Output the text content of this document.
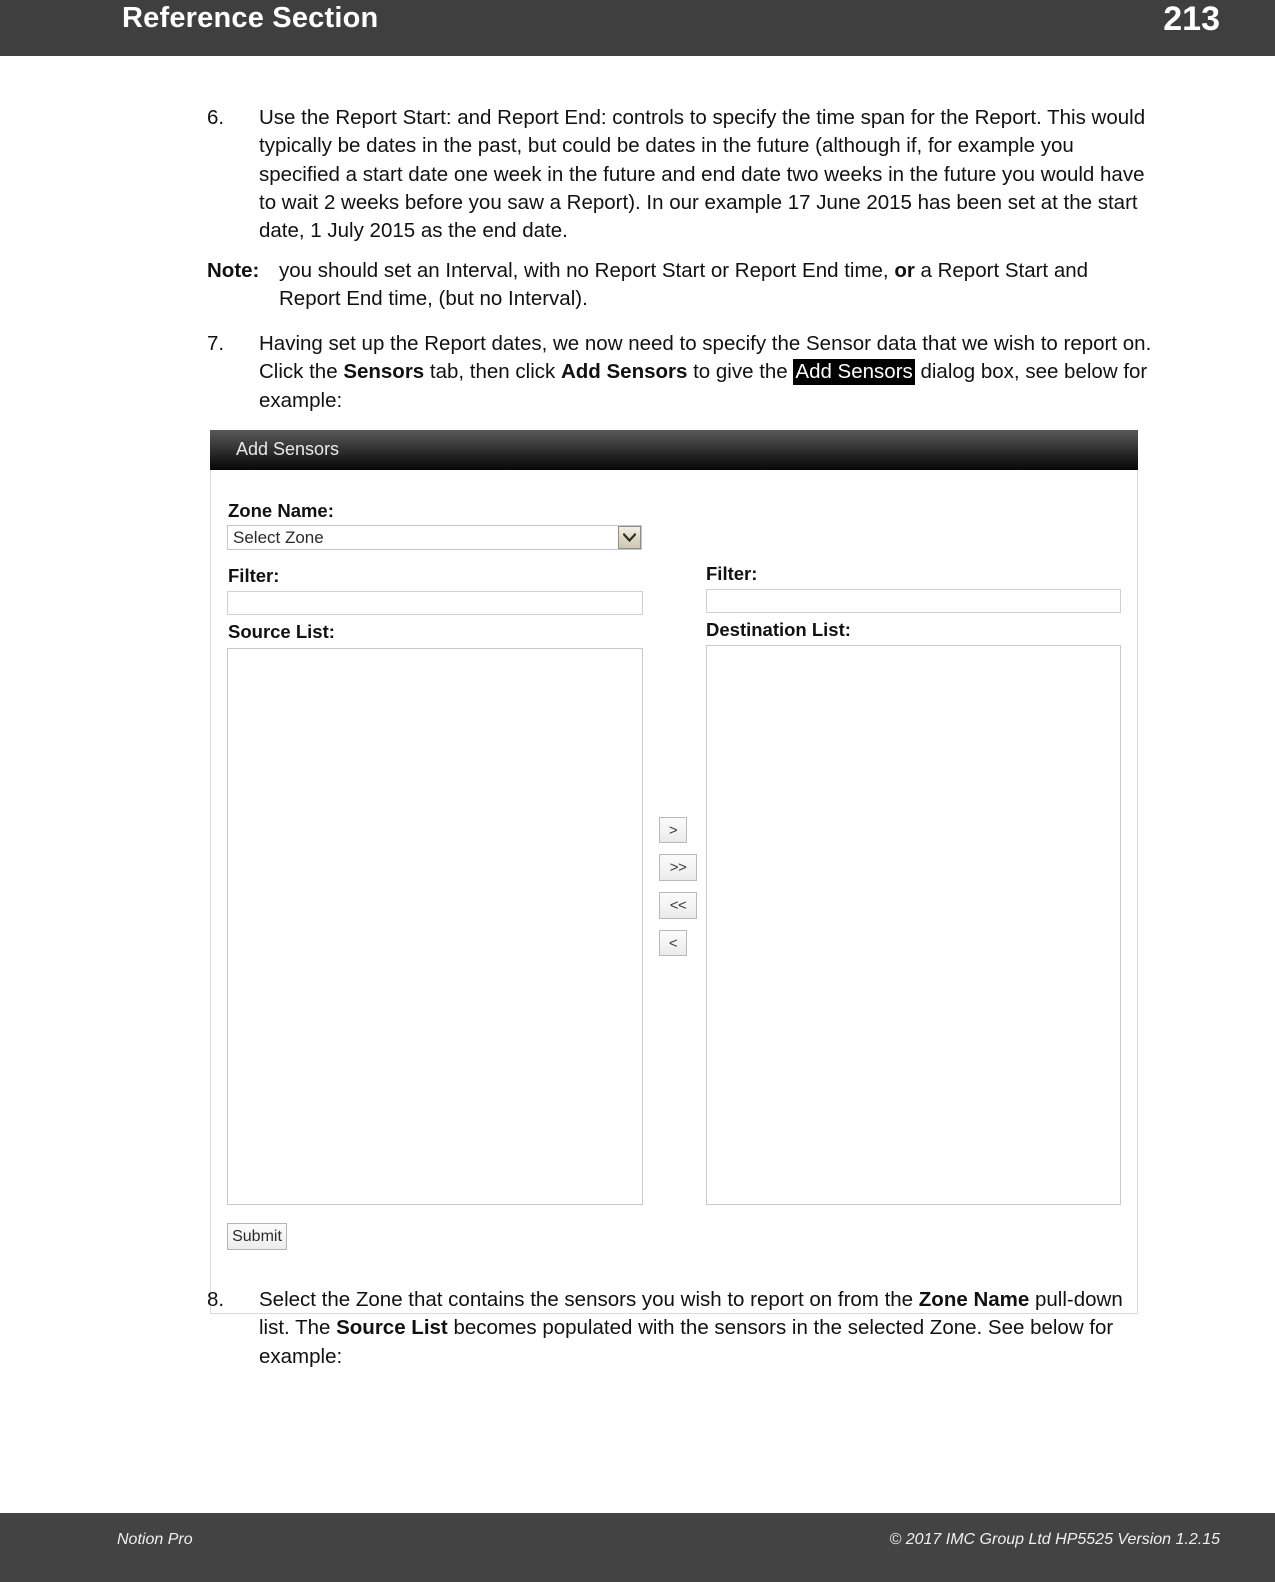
Reference Section	213
6.	Use the Report Start: and Report End: controls to specify the time span for the Report. This would typically be dates in the past, but could be dates in the future (although if, for example you specified a start date one week in the future and end date two weeks in the future you would have to wait 2 weeks before you saw a Report). In our example 17 June 2015 has been set at the start date, 1 July 2015 as the end date.
Note: you should set an Interval, with no Report Start or Report End time, or a Report Start and Report End time, (but no Interval).
7.	Having set up the Report dates, we now need to specify the Sensor data that we wish to report on. Click the Sensors tab, then click Add Sensors to give the Add Sensors dialog box, see below for example:
Add Sensors
Zone Name:
Select Zone
Filter:	Filter:
Source List:	Destination List:
>
>>
<<
<
Submit
8.	Select the Zone that contains the sensors you wish to report on from the Zone Name pull-down list. The Source List becomes populated with the sensors in the selected Zone. See below for example:
Notion Pro	© 2017 IMC Group Ltd HP5525 Version 1.2.15
